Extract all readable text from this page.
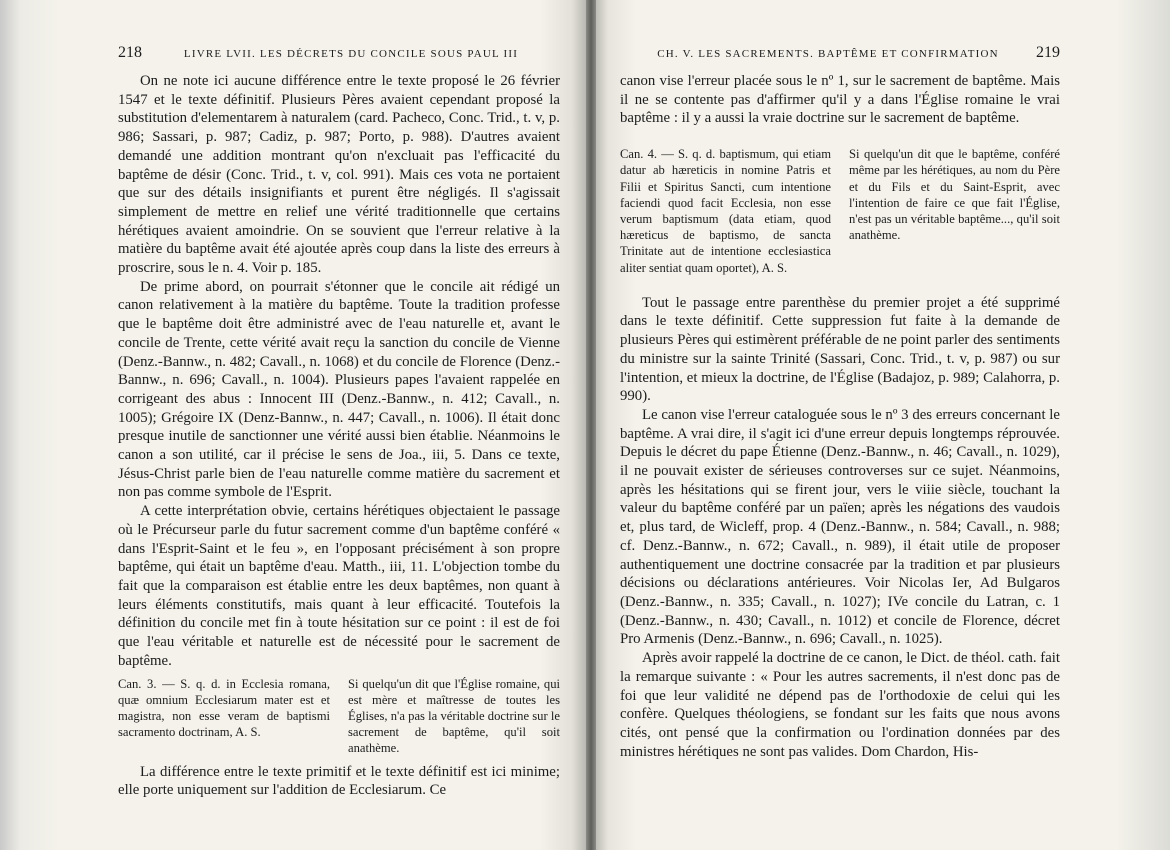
218	LIVRE LVII. LES DÉCRETS DU CONCILE SOUS PAUL III

On ne note ici aucune différence entre le texte proposé le 26 février 1547 et le texte définitif. Plusieurs Pères avaient cependant proposé la substitution d'elementarem à naturalem (card. Pacheco, Conc. Trid., t. v, p. 986; Sassari, p. 987; Cadiz, p. 987; Porto, p. 988). D'autres avaient demandé une addition montrant qu'on n'excluait pas l'efficacité du baptême de désir (Conc. Trid., t. v, col. 991). Mais ces vota ne portaient que sur des détails insignifiants et purent être négligés. Il s'agissait simplement de mettre en relief une vérité traditionnelle que certains hérétiques avaient amoindrie. On se souvient que l'erreur relative à la matière du baptême avait été ajoutée après coup dans la liste des erreurs à proscrire, sous le n. 4. Voir p. 185.

De prime abord, on pourrait s'étonner que le concile ait rédigé un canon relativement à la matière du baptême. Toute la tradition professe que le baptême doit être administré avec de l'eau naturelle et, avant le concile de Trente, cette vérité avait reçu la sanction du concile de Vienne (Denz.-Bannw., n. 482; Cavall., n. 1068) et du concile de Florence (Denz.-Bannw., n. 696; Cavall., n. 1004). Plusieurs papes l'avaient rappelée en corrigeant des abus : Innocent III (Denz.-Bannw., n. 412; Cavall., n. 1005); Grégoire IX (Denz-Bannw., n. 447; Cavall., n. 1006). Il était donc presque inutile de sanctionner une vérité aussi bien établie. Néanmoins le canon a son utilité, car il précise le sens de Joa., iii, 5. Dans ce texte, Jésus-Christ parle bien de l'eau naturelle comme matière du sacrement et non pas comme symbole de l'Esprit.

A cette interprétation obvie, certains hérétiques objectaient le passage où le Précurseur parle du futur sacrement comme d'un baptême conféré « dans l'Esprit-Saint et le feu », en l'opposant précisément à son propre baptême, qui était un baptême d'eau. Matth., iii, 11. L'objection tombe du fait que la comparaison est établie entre les deux baptêmes, non quant à leurs éléments constitutifs, mais quant à leur efficacité. Toutefois la définition du concile met fin à toute hésitation sur ce point : il est de foi que l'eau véritable et naturelle est de nécessité pour le sacrement de baptême.

Can. 3. — S. q. d. in Ecclesia romana, quæ omnium Ecclesiarum mater est et magistra, non esse veram de baptismi sacramento doctrinam, A. S.
Si quelqu'un dit que l'Église romaine, qui est mère et maîtresse de toutes les Églises, n'a pas la véritable doctrine sur le sacrement de baptême, qu'il soit anathème.

La différence entre le texte primitif et le texte définitif est ici minime; elle porte uniquement sur l'addition de Ecclesiarum. Ce

CH. V. LES SACREMENTS. BAPTÊME ET CONFIRMATION 219

canon vise l'erreur placée sous le nº 1, sur le sacrement de baptême. Mais il ne se contente pas d'affirmer qu'il y a dans l'Église romaine le vrai baptême : il y a aussi la vraie doctrine sur le sacrement de baptême.

Can. 4. — S. q. d. baptismum, qui etiam datur ab hæreticis in nomine Patris et Filii et Spiritus Sancti, cum intentione faciendi quod facit Ecclesia, non esse verum baptismum (data etiam, quod hæreticus de baptismo, de sancta Trinitate aut de intentione ecclesiastica aliter sentiat quam oportet), A. S.
Si quelqu'un dit que le baptême, conféré même par les hérétiques, au nom du Père et du Fils et du Saint-Esprit, avec l'intention de faire ce que fait l'Église, n'est pas un véritable baptême..., qu'il soit anathème.

Tout le passage entre parenthèse du premier projet a été supprimé dans le texte définitif. Cette suppression fut faite à la demande de plusieurs Pères qui estimèrent préférable de ne point parler des sentiments du ministre sur la sainte Trinité (Sassari, Conc. Trid., t. v, p. 987) ou sur l'intention, et mieux la doctrine, de l'Église (Badajoz, p. 989; Calahorra, p. 990).

Le canon vise l'erreur cataloguée sous le nº 3 des erreurs concernant le baptême. A vrai dire, il s'agit ici d'une erreur depuis longtemps réprouvée. Depuis le décret du pape Étienne (Denz.-Bannw., n. 46; Cavall., n. 1029), il ne pouvait exister de sérieuses controverses sur ce sujet. Néanmoins, après les hésitations qui se firent jour, vers le viiie siècle, touchant la valeur du baptême conféré par un païen; après les négations des vaudois et, plus tard, de Wicleff, prop. 4 (Denz.-Bannw., n. 584; Cavall., n. 988; cf. Denz.-Bannw., n. 672; Cavall., n. 989), il était utile de proposer authentiquement une doctrine consacrée par la tradition et par plusieurs décisions ou déclarations antérieures. Voir Nicolas Ier, Ad Bulgaros (Denz.-Bannw., n. 335; Cavall., n. 1027); IVe concile du Latran, c. 1 (Denz.-Bannw., n. 430; Cavall., n. 1012) et concile de Florence, décret Pro Armenis (Denz.-Bannw., n. 696; Cavall., n. 1025).

Après avoir rappelé la doctrine de ce canon, le Dict. de théol. cath. fait la remarque suivante : « Pour les autres sacrements, il n'est donc pas de foi que leur validité ne dépend pas de l'orthodoxie de celui qui les confère. Quelques théologiens, se fondant sur les faits que nous avons cités, ont pensé que la confirmation ou l'ordination données par des ministres hérétiques ne sont pas valides. Dom Chardon, His-
